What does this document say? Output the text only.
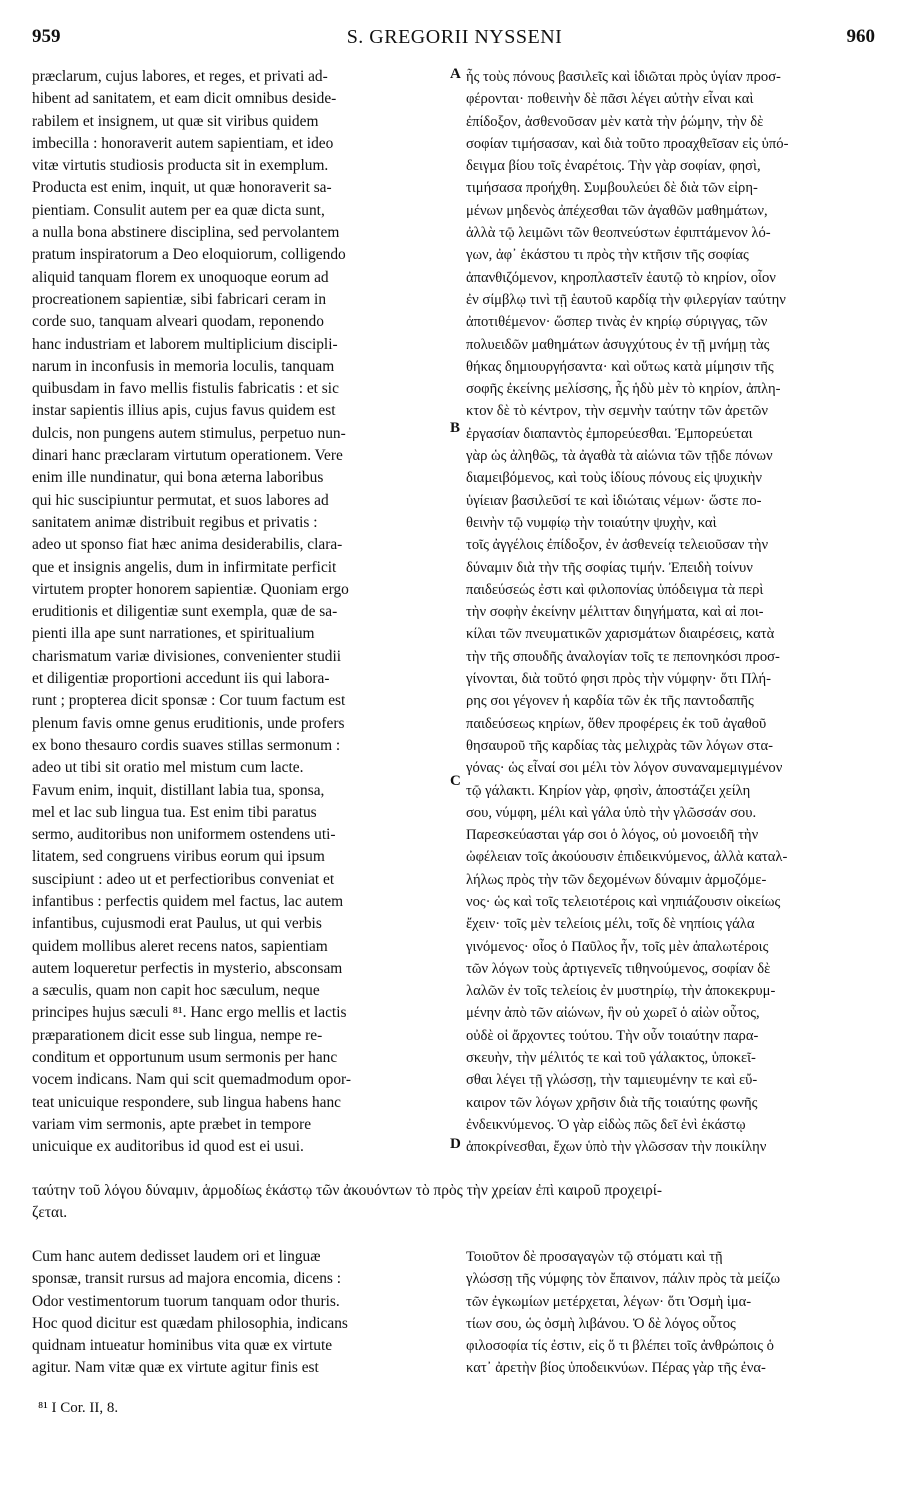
959	S. GREGORII NYSSENI	960
præclarum, cujus labores, et reges, et privati ad-
hibent ad sanitatem, et eam dicit omnibus deside-
rabilem et insignem, ut quæ sit viribus quidem
imbecilla : honoraverit autem sapientiam, et ideo
vitæ virtutis studiosis producta sit in exemplum.
Producta est enim, inquit, ut quæ honoraverit sa-
pientiam. Consulit autem per ea quæ dicta sunt,
a nulla bona abstinere disciplina, sed pervolantem
pratum inspiratorum a Deo eloquiorum, colligendo
aliquid tanquam florem ex unoquoque eorum ad
procreationem sapientiæ, sibi fabricari ceram in
corde suo, tanquam alveari quodam, reponendo
hanc industriam et laborem multiplicium discipli-
narum in inconfusis in memoria loculis, tanquam
quibusdam in favo mellis fistulis fabricatis : et sic
instar sapientis illius apis, cujus favus quidem est
dulcis, non pungens autem stimulus, perpetuo nun-
dinari hanc præclaram virtutum operationem. Vere
enim ille nundinatur, qui bona æterna laboribus
qui hic suscipiuntur permutat, et suos labores ad
sanitatem animæ distribuit regibus et privatis :
adeo ut sponso fiat hæc anima desiderabilis, clara-
que et insignis angelis, dum in infirmitate perficit
virtutem propter honorem sapientiæ. Quoniam ergo
eruditionis et diligentiæ sunt exempla, quæ de sa-
pienti illa ape sunt narrationes, et spiritualium
charismatum variæ divisiones, convenienter studii
et diligentiæ proportioni accedunt iis qui labora-
runt ; propterea dicit sponsæ : Cor tuum factum est
plenum favis omne genus eruditionis, unde profers
ex bono thesauro cordis suaves stillas sermonum :
adeo ut tibi sit oratio mel mistum cum lacte.
Favum enim, inquit, distillant labia tua, sponsa,
mel et lac sub lingua tua. Est enim tibi paratus
sermo, auditoribus non uniformem ostendens uti-
litatem, sed congruens viribus eorum qui ipsum
suscipiunt : adeo ut et perfectioribus conveniat et
infantibus : perfectis quidem mel factus, lac autem
infantibus, cujusmodi erat Paulus, ut qui verbis
quidem mollibus aleret recens natos, sapientiam
autem loqueretur perfectis in mysterio, absconsam
a sæculis, quam non capit hoc sæculum, neque
principes hujus sæculi ⁸¹. Hanc ergo mellis et lactis
præparationem dicit esse sub lingua, nempe re-
conditum et opportunum usum sermonis per hanc
vocem indicans. Nam qui scit quemadmodum opor-
teat unicuique respondere, sub lingua habens hanc
variam vim sermonis, apte præbet in tempore
unicuique ex auditoribus id quod est ei usui.
ἧς τοὺς πόνους βασιλεῖς καὶ ἰδιῶται πρὸς ὑγίαν προσ-
φέρονται· ποθεινὴν δὲ πᾶσι λέγει αὐτὴν εἶναι καὶ
ἐπίδοξον, ἀσθενοῦσαν μὲν κατὰ τὴν ῥώμην, τὴν δὲ
σοφίαν τιμήσασαν, καὶ διὰ τοῦτο προαχθεῖσαν εἰς ὑπό-
δειγμα βίου τοῖς ἐναρέτοις. Τὴν γὰρ σοφίαν, φησὶ,
τιμήσασα προήχθη. Συμβουλεύει δὲ διὰ τῶν εἰρη-
μένων μηδενὸς ἀπέχεσθαι τῶν ἀγαθῶν μαθημάτων,
ἀλλὰ τῷ λειμῶνι τῶν θεοπνεύστων ἐφιπτάμενον λό-
γων, ἀφ᾽ ἑκάστου τι πρὸς τὴν κτῆσιν τῆς σοφίας
ἀπανθιζόμενον, κηροπλαστεῖν ἑαυτῷ τὸ κηρίον, οἷον
ἐν σίμβλῳ τινὶ τῇ ἑαυτοῦ καρδίᾳ τὴν φιλεργίαν ταύτην
ἀποτιθέμενον· ὥσπερ τινὰς ἐν κηρίῳ σύριγγας, τῶν
πολυειδῶν μαθημάτων ἀσυγχύτους ἐν τῇ μνήμῃ τὰς
θήκας δημιουργήσαντα· καὶ οὕτως κατὰ μίμησιν τῆς
σοφῆς ἐκείνης μελίσσης, ἧς ἡδὺ μὲν τὸ κηρίον, ἀπλη-
κτον δὲ τὸ κέντρον, τὴν σεμνὴν ταύτην τῶν ἀρετῶν
ἐργασίαν διαπαντὸς ἐμπορεύεσθαι. Ἐμπορεύεται
γὰρ ὡς ἀληθῶς, τὰ ἀγαθὰ τὰ αἰώνια τῶν τῇδε πόνων
διαμειβόμενος, καὶ τοὺς ἰδίους πόνους εἰς ψυχικὴν
ὑγίειαν βασιλεῦσί τε καὶ ἰδιώταις νέμων· ὥστε πο-
θεινὴν τῷ νυμφίῳ τὴν τοιαύτην ψυχὴν, καὶ
τοῖς ἀγγέλοις ἐπίδοξον, ἐν ἀσθενείᾳ τελειοῦσαν τὴν
δύναμιν διὰ τὴν τῆς σοφίας τιμήν. Ἐπειδὴ τοίνυν
παιδεύσεώς ἐστι καὶ φιλοπονίας ὑπόδειγμα τὰ περὶ
τὴν σοφὴν ἐκείνην μέλιτταν διηγήματα, καὶ αἱ ποι-
κίλαι τῶν πνευματικῶν χαρισμάτων διαιρέσεις, κατὰ
τὴν τῆς σπουδῆς ἀναλογίαν τοῖς τε πεπονηκόσι προσ-
γίνονται, διὰ τοῦτό φησι πρὸς τὴν νύμφην· ὅτι Πλή-
ρης σοι γέγονεν ἡ καρδία τῶν ἐκ τῆς παντοδαπῆς
παιδεύσεως κηρίων, ὅθεν προφέρεις ἐκ τοῦ ἀγαθοῦ
θησαυροῦ τῆς καρδίας τὰς μελιχρὰς τῶν λόγων στα-
γόνας· ὡς εἶναί σοι μέλι τὸν λόγον συναναμεμιγμένον
τῷ γάλακτι. Κηρίον γὰρ, φησὶν, ἀποστάζει χείλη
σου, νύμφη, μέλι καὶ γάλα ὑπὸ τὴν γλῶσσάν σου.
Παρεσκεύασται γάρ σοι ὁ λόγος, οὐ μονοειδῆ τὴν
ὠφέλειαν τοῖς ἀκούουσιν ἐπιδεικνύμενος, ἀλλὰ καταλ-
λήλως πρὸς τὴν τῶν δεχομένων δύναμιν ἁρμοζόμε-
νος· ὡς καὶ τοῖς τελειοτέροις καὶ νηπιάζουσιν οἰκείως
ἔχειν· τοῖς μὲν τελείοις μέλι, τοῖς δὲ νηπίοις γάλα
γινόμενος· οἷος ὁ Παῦλος ἦν, τοῖς μὲν ἁπαλωτέροις
τῶν λόγων τοὺς ἀρτιγενεῖς τιθηνούμενος, σοφίαν δὲ
λαλῶν ἐν τοῖς τελείοις ἐν μυστηρίῳ, τὴν ἀποκεκρυμ-
μένην ἀπὸ τῶν αἰώνων, ἣν οὐ χωρεῖ ὁ αἰὼν οὗτος,
οὐδὲ οἱ ἄρχοντες τούτου. Τὴν οὖν τοιαύτην παρα-
σκευὴν, τὴν μέλιτός τε καὶ τοῦ γάλακτος, ὑποκεῖ-
σθαι λέγει τῇ γλώσσῃ, τὴν ταμιευμένην τε καὶ εὔ-
καιρον τῶν λόγων χρῆσιν διὰ τῆς τοιαύτης φωνῆς
ἐνδεικνύμενος. Ὁ γὰρ εἰδὼς πῶς δεῖ ἑνὶ ἑκάστῳ
ἀποκρίνεσθαι, ἔχων ὑπὸ τὴν γλῶσσαν τὴν ποικίλην
A
B
C
D
ταύτην τοῦ λόγου δύναμιν, ἁρμοδίως ἑκάστῳ τῶν ἀκουόντων τὸ πρὸς τὴν χρείαν ἐπὶ καιροῦ προχειρί-
ζεται.
Cum hanc autem dedisset laudem ori et linguæ
sponsæ, transit rursus ad majora encomia, dicens :
Odor vestimentorum tuorum tanquam odor thuris.
Hoc quod dicitur est quædam philosophia, indicans
quidnam intueatur hominibus vita quæ ex virtute
agitur. Nam vitæ quæ ex virtute agitur finis est
Τοιοῦτον δὲ προσαγαγὼν τῷ στόματι καὶ τῇ
γλώσσῃ τῆς νύμφης τὸν ἔπαινον, πάλιν πρὸς τὰ μείζω
τῶν ἐγκωμίων μετέρχεται, λέγων· ὅτι Ὀσμὴ ἱμα-
τίων σου, ὡς ὀσμὴ λιβάνου. Ὁ δὲ λόγος οὗτος
φιλοσοφία τίς ἐστιν, εἰς ὅ τι βλέπει τοῖς ἀνθρώποις ὁ
κατ᾽ ἀρετὴν βίος ὑποδεικνύων. Πέρας γὰρ τῆς ἐνα-
⁸¹ I Cor. II, 8.
